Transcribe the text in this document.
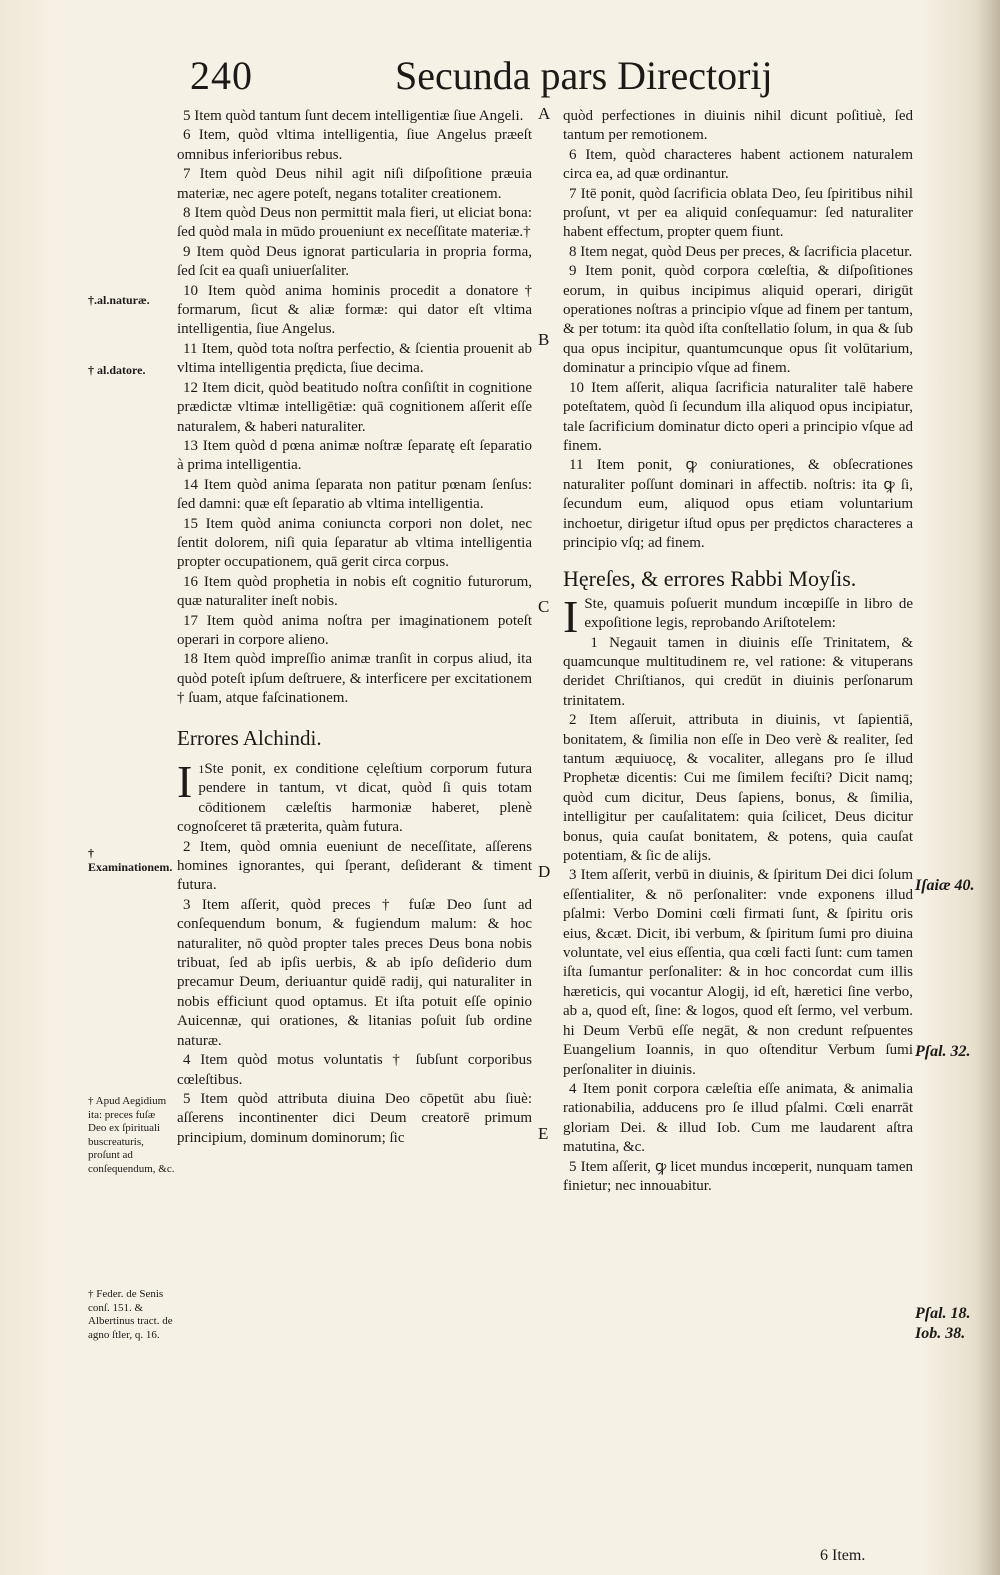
240	Secunda pars Directorij

5 Item quòd tantum ſunt decem intelligentiæ ſiue Angeli.

6 Item, quòd vltima intelligentia, ſiue Angelus præeſt omnibus inferioribus rebus.

7 Item quòd Deus nihil agit niſi diſpoſitione præuia materiæ, nec agere poteſt, negans totaliter creationem.

8 Item quòd Deus non permittit mala fieri, ut eliciat bona: ſed quòd mala in mūdo proueniunt ex neceſſitate materiæ.†

9 Item quòd Deus ignorat particularia in propria forma, ſed ſcit ea quaſi uniuerſaliter.

10 Item quòd anima hominis procedit a donatore† formarum, ſicut & aliæ formæ: qui dator eſt vltima intelligentia, ſiue Angelus.

11 Item, quòd tota noſtra perfectio, & ſcientia prouenit ab vltima intelligentia prędicta, ſiue decima.

12 Item dicit, quòd beatitudo noſtra conſiſtit in cognitione prædictæ vltimæ intelligētiæ: quā cognitionem aſſerit eſſe naturalem, & haberi naturaliter.

13 Item quòd d pœna animæ noſtræ ſeparatę eſt ſeparatio à prima intelligentia.

14 Item quòd anima ſeparata non patitur pœnam ſenſus: ſed damni: quæ eſt ſeparatio ab vltima intelligentia.

15 Item quòd anima coniuncta corpori non dolet, nec ſentit dolorem, niſi quia ſeparatur ab vltima intelligentia propter occupationem, quā gerit circa corpus.

16 Item quòd prophetia in nobis eſt cognitio futurorum, quæ naturaliter ineſt nobis.

17 Item quòd anima noſtra per imaginationem poteſt operari in corpore alieno.

18 Item quòd impreſſio animæ tranſit in corpus aliud, ita quòd poteſt ipſum deſtruere, & interficere per excitationem † ſuam, atque faſcinationem.

Errores Alchindi.

$^1$
I Ste ponit, ex conditione cęleſtium corporum futura pendere in tantum, vt dicat, quòd ſi quis totam cōditionem cæleſtis harmoniæ haberet, plenè cognoſceret tā præterita, quàm futura.

2 Item, quòd omnia eueniunt de neceſſitate, aſſerens homines ignorantes, qui ſperant, deſiderant & timent futura.

3 Item aſſerit, quòd preces † fuſæ Deo ſunt ad conſequendum bonum, & fugiendum malum: & hoc naturaliter, nō quòd propter tales preces Deus bona nobis tribuat, ſed ab ipſis uerbis, & ab ipſo deſiderio dum precamur Deum, deriuantur quidē radij, qui naturaliter in nobis efficiunt quod optamus. Et iſta potuit eſſe opinio Auicennæ, qui orationes, & litanias poſuit ſub ordine naturæ.

4 Item quòd motus voluntatis † ſubſunt corporibus cœleſtibus.

5 Item quòd attributa diuina Deo cōpetūt abu ſiuè: aſſerens incontinenter dici Deum creatorē primum principium, dominum dominorum; ſic

quòd perfectiones in diuinis nihil dicunt poſitiuè, ſed tantum per remotionem.

6 Item, quòd characteres habent actionem naturalem circa ea, ad quæ ordinantur.

7 Itē ponit, quòd ſacrificia oblata Deo, ſeu ſpiritibus nihil proſunt, vt per ea aliquid conſequamur: ſed naturaliter habent effectum, propter quem fiunt.

8 Item negat, quòd Deus per preces, & ſacrificia placetur.

9 Item ponit, quòd corpora cœleſtia, & diſpoſitiones eorum, in quibus incipimus aliquid operari, dirigūt operationes noſtras a principio vſque ad finem per tantum, & per totum: ita quòd iſta conſtellatio ſolum, in qua & ſub qua opus incipitur, quantumcunque opus ſit volūtarium, dominatur a principio vſque ad finem.

10 Item aſſerit, aliqua ſacrificia naturaliter talē habere poteſtatem, quòd ſi ſecundum illa aliquod opus incipiatur, tale ſacrificium dominatur dicto operi a principio vſque ad finem.

11 Item ponit, ꝙ coniurationes, & obſecrationes naturaliter poſſunt dominari in affectib. noſtris: ita ꝙ ſi, ſecundum eum, aliquod opus etiam voluntarium inchoetur, dirigetur iſtud opus per prędictos characteres a principio vſq; ad finem.

Hęreſes, & errores Rabbi Moyſis.

I Ste, quamuis poſuerit mundum incœpiſſe in libro de expoſitione legis, reprobando Ariſtotelem:

1 Negauit tamen in diuinis eſſe Trinitatem, & quamcunque multitudinem re, vel ratione: & vituperans deridet Chriſtianos, qui credūt in diuinis perſonarum trinitatem.

2 Item aſſeruit, attributa in diuinis, vt ſapientiā, bonitatem, & ſimilia non eſſe in Deo verè & realiter, ſed tantum æquiuocę, & vocaliter, allegans pro ſe illud Prophetæ dicentis: Cui me ſimilem feciſti? Dicit namq; quòd cum dicitur, Deus ſapiens, bonus, & ſimilia, intelligitur per cauſalitatem: quia ſcilicet, Deus dicitur bonus, quia cauſat bonitatem, & potens, quia cauſat potentiam, & ſic de alijs.

3 Item aſſerit, verbū in diuinis, & ſpiritum Dei dici ſolum eſſentialiter, & nō perſonaliter: vnde exponens illud pſalmi: Verbo Domini cœli firmati ſunt, & ſpiritu oris eius, &cæt. Dicit, ibi verbum, & ſpiritum ſumi pro diuina voluntate, vel eius eſſentia, qua cœli facti ſunt: cum tamen iſta ſumantur perſonaliter: & in hoc concordat cum illis hæreticis, qui vocantur Alogij, id eſt, hæretici ſine verbo, ab a, quod eſt, ſine: & logos, quod eſt ſermo, vel verbum. hi Deum Verbū eſſe negāt, & non credunt reſpuentes Euangelium Ioannis, in quo oſtenditur Verbum ſumi perſonaliter in diuinis.

4 Item ponit corpora cæleſtia eſſe animata, & animalia rationabilia, adducens pro ſe illud pſalmi. Cœli enarrāt gloriam Dei. & illud Iob. Cum me laudarent aſtra matutina, &c.

5 Item aſſerit, ꝙ licet mundus incœperit, nunquam tamen finietur; nec innouabitur.

A
B
C
D
E
†.al.naturæ.
† al.datore.
† Examinationem.
† Apud Aegidium ita: preces fuſæ Deo ex ſpirituali buscreaturis, proſunt ad conſequendum, &c.
† Feder. de Senis conſ. 151. & Albertinus tract. de agno ſtler, q. 16.
Iſaiæ 40.
Pſal. 32.
Pſal. 18.
Iob. 38.
6 Item.
